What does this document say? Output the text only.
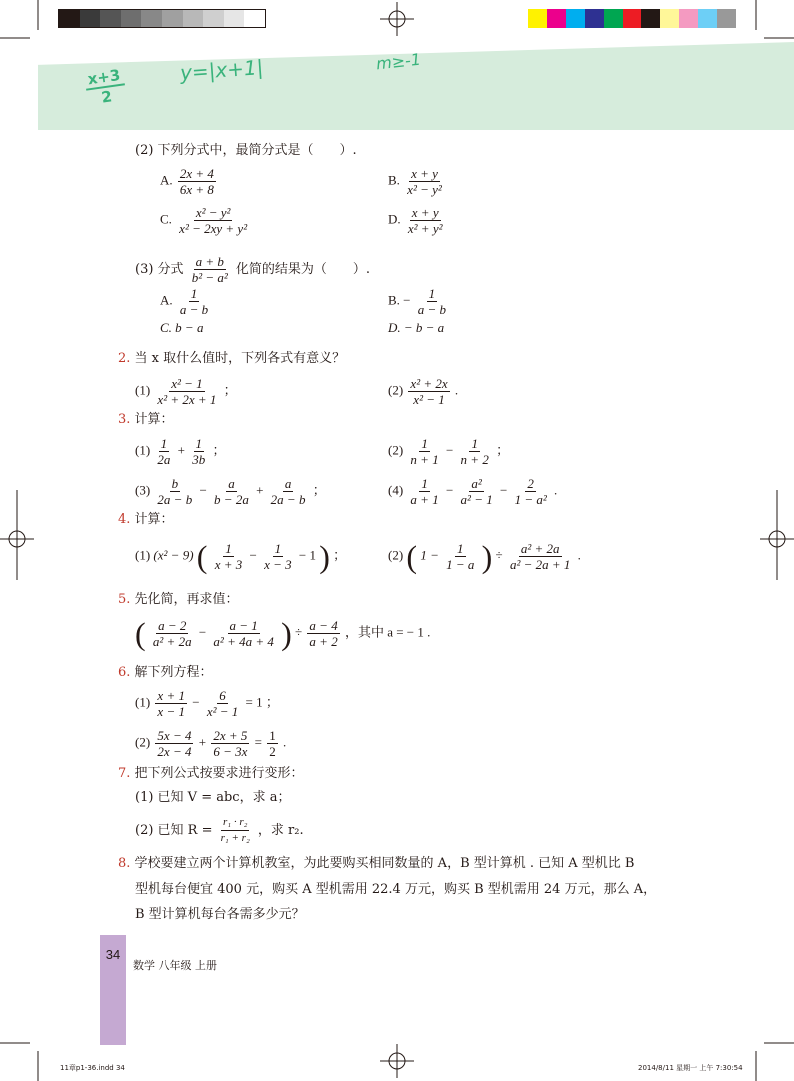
x+3
2
y=|x+1|	m≥-1
(2) 下列分式中，最简分式是（　　）.
A. $\frac{2x + 4}{6x + 8}$	B. $\frac{x + y}{\text{x² − y²}}$
C. $\frac{\text{x² − y²}}{\text{x² − 2xy + y²}}$	D. $\frac{x + y}{\text{x² + y²}}$
(3) 分式 $\frac{a + b}{\text{b² − a²}}$ 化简的结果为（　　）.
A. $\frac{1}{a - b}$	B. − $\frac{1}{a - b}$
C. b − a	D. − b − a
2. 当 x 取什么值时，下列各式有意义？
$(1) \frac{\text{x² − 1}}{\text{x² + 2x + 1}}$ ；	$(2) \frac{\text{x² + 2x}}{\text{x² − 1}}$ .
3. 计算：
$(1) \frac{1}{2a} + \frac{1}{3b}$ ；	$(2) \frac{1}{n + 1} - \frac{1}{n + 2}$ ；
$(3) \frac{b}{2a - b} - \frac{a}{b - 2a} + \frac{a}{2a - b}$ ；	$(4) \frac{1}{a + 1} - \frac{\text{a²}}{\text{a² − 1}} - \frac{2}{\text{1 − a²}}$ .
4. 计算：
(1) (x² − 9) ( $\frac{1}{x + 3} - \frac{1}{x - 3} - 1$ ) ；	(2) ( $1 - \frac{1}{1 - a}$ ) ÷ $\frac{\text{a² + 2a}}{\text{a² − 2a + 1}}$ .
5. 先化简，再求值：
( $\frac{a - 2}{\text{a² + 2a}} - \frac{a - 1}{\text{a² + 4a + 4}}$ ) ÷ $\frac{a - 4}{a + 2}$ ，其中 a = − 1 .
6. 解下列方程：
$(1) \frac{x + 1}{x - 1} - \frac{6}{\text{x² − 1}} = 1$ ；
$(2) \frac{5x - 4}{2x - 4} + \frac{2x + 5}{6 - 3x} = \frac{1}{2}$ .
7. 把下列公式按要求进行变形：
(1) 已知 V = abc，求 a；
(2) 已知 $R = \frac{\text{r₁ · r₂}}{\text{r₁ + r₂}}$ ，求 r₂.
8. 学校要建立两个计算机教室，为此要购买相同数量的 A，B 型计算机 . 已知 A 型机比 B
型机每台便宜 400 元，购买 A 型机需用 22.4 万元，购买 B 型机需用 24 万元，那么 A，
B 型计算机每台各需多少元？
34
数学 八年级 上册
11章p1-36.indd 34	2014/8/11 星期一 上午 7:30:54
